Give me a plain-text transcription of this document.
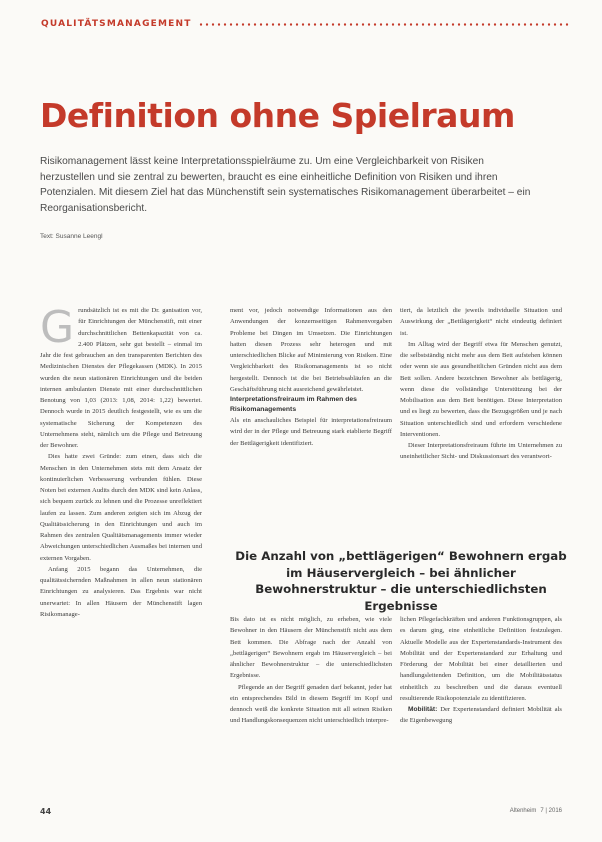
QUALITÄTSMANAGEMENT
Definition ohne Spielraum

Risikomanagement lässt keine Interpretationsspielräume zu. Um eine Vergleichbarkeit von Risiken herzustellen und sie zentral zu bewerten, braucht es eine einheitliche Definition von Risiken und ihren Potenzialen. Mit diesem Ziel hat das Münchenstift sein systematisches Risikomanagement überarbeitet – ein Reorganisationsbericht.

Text: Susanne Leengl

Grundsätzlich ist es mit die Dr. ganisation vor, für Einrichtungen der Münchenstift, mit einer durchschnittlichen Bettenkapazität von ca. 2.400 Plätzen, sehr gut bestellt – einmal im Jahr die fest gebrauchen an den transparenten Berichten des Medizinischen Dienstes der Pflegekassen (MDK). In 2015 wurden die neun stationären Einrichtungen und die beiden internen ambulanten Dienste mit einer durchschnittlichen Benotung von 1,03 (2013: 1,08, 2014: 1,22) bewertet. Dennoch wurde in 2015 deutlich festgestellt, wie es um die systematische Sicherung der Kompetenzen des Unternehmens steht, nämlich um die Pflege und Betreuung der Bewohner.

Dies hatte zwei Gründe: zum einen, dass sich die Menschen in den Unternehmen stets mit dem Ansatz der kontinuierlichen Verbesserung verbunden fühlen. Diese Noten bei externen Audits durch den MDK sind kein Anlass, sich bequem zurück zu lehnen und die Prozesse unreflektiert laufen zu lassen. Zum anderen zeigten sich im Abzug der Qualitätssicherung in den Einrichtungen und auch im Rahmen des zentralen Qualitätsmanagements immer wieder Abweichungen unterschiedlichen Ausmaßes bei internen und externen Vorgaben.

Anfang 2015 begann das Unternehmen, die qualitätssichernden Maßnahmen in allen neun stationären Einrichtungen zu analysieren. Das Ergebnis war nicht unerwartet: In allen Häusern der Münchenstift lagen Risikomanage-

ment vor, jedoch notwendige Informationen aus den Anwendungen der konzernseitigen Rahmenvorgaben Probleme bei Dingen im Umsetzen. Die Einrichtungen hatten diesen Prozess sehr heterogen und mit unterschiedlichen Blicke auf Minimierung von Risiken. Eine Vergleichbarkeit des Risikomanagements ist so nicht hergestellt. Dennoch ist die bei Betriebsabläufen an die Geschäftsführung nicht ausreichend gewährleistet.

Interpretationsfreiraum im Rahmen des Risikomanagements

Als ein anschauliches Beispiel für interpretationsfreiraum wird der in der Pflege und Betreuung stark etablierte Begriff der Bettlägerigkeit identifiziert.

tiert, da letztlich die jeweils individuelle Situation und Auswirkung der „Bettlägerigkeit“ nicht eindeutig definiert ist.

Im Alltag wird der Begriff etwa für Menschen genutzt, die selbstständig nicht mehr aus dem Bett aufstehen können oder wenn sie aus gesundheitlichen Gründen nicht aus dem Bett sollen. Andere bezeichnen Bewohner als bettlägerig, wenn diese die vollständige Unterstützung bei der Mobilisation aus dem Bett benötigen. Diese Interpretation und es liegt zu bewerten, dass die Bezugsgrößen und je nach Situation unterschiedlich sind und erfordern verschiedene Interventionen.

Dieser Interpretationsfreiraum führte im Unternehmen zu uneinheitlicher Sicht- und Diskussionsart des verantwort-

Die Anzahl von „bettlägerigen“ Bewohnern ergab im Häuservergleich – bei ähnlicher Bewohnerstruktur – die unterschiedlichsten Ergebnisse

Bis dato ist es nicht möglich, zu erheben, wie viele Bewohner in den Häusern der Münchenstift nicht aus dem Bett kommen. Die Abfrage nach der Anzahl von „bettlägerigen“ Bewohnern ergab im Häuservergleich – bei ähnlicher Bewohnerstruktur – die unterschiedlichsten Ergebnisse.

Pflegende an der Begriff genaden darf bekannt, jeder hat ein entsprechendes Bild in diesem Begriff im Kopf und dennoch weiß die konkrete Situation mit all seinen Risiken und Handlungskonsequenzen nicht unterschiedlich interpre-

lichen Pflegefachkräften und anderen Funktionsgruppen, als es darum ging, eine einheitliche Definition festzulegen. Aktuelle Modelle aus der Expertenstandards-Instrument des Mobilität und der Expertenstandard zur Erhaltung und Förderung der Mobilität bei einer detaillierten und handlungsleitenden Definition, um die Mobilitätsstatus einheitlich zu beschreiben und die daraus eventuell resultierende Risikopotenziale zu identifizieren.

Mobilität: Der Expertenstandard definiert Mobilität als die Eigenbewegung

44	Altenheim 7 | 2016
